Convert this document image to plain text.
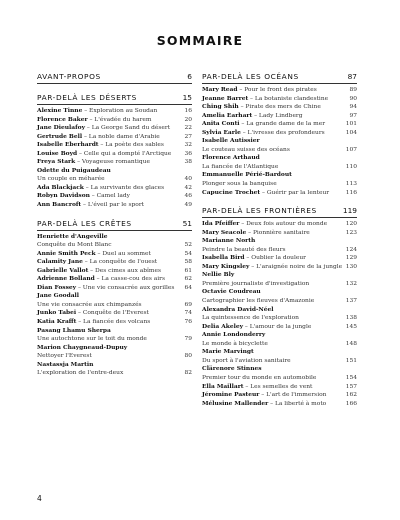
SOMMAIRE
AVANT-PROPOS	6
PAR-DELÀ LES DÉSERTS	15
Alexine Tinne – Exploration au Soudan	16
Florence Baker – L'évadée du harem	20
Jane Dieulafoy – La George Sand du désert 22
Gertrude Bell – La noble dame d'Arabie	27
Isabelle Eberhardt – La poète des sables	32
Louise Boyd – Celle qui a dompté l'Arctique 36
Freya Stark – Voyageuse romantique	38
Odette du Puigaudeau
Un couple en méharée	40
Ada Blackjack – La survivante des glaces	42
Robyn Davidson – Camel lady	46
Ann Bancroft – L'éveil par le sport	49
PAR-DELÀ LES CRÊTES	51
Henriette d'Angeville
Conquête du Mont Blanc	52
Annie Smith Peck – Duel au sommet	54
Calamity Jane – La conquête de l'ouest	58
Gabrielle Vallot – Des cimes aux abîmes	61
Adrienne Bolland – La casse-cou des airs	62
Dian Fossey – Une vie consacrée aux gorilles 64
Jane Goodall
Une vie consacrée aux chimpanzés	69
Junko Tabei – Conquête de l'Everest	74
Katia Krafft – La fiancée des volcans	76
Pasang Lhamu Sherpa
Une autochtone sur le toit du monde	79
Marion Chaygneaud-Dupuy
Nettoyer l'Everest	80
Nastassja Martin
L'exploration de l'entre-deux	82
PAR-DELÀ LES OCÉANS	87
Mary Read – Pour le front des pirates	89
Jeanne Barret – La botaniste clandestine	90
Ching Shih – Pirate des mers de Chine	94
Amelia Earhart – Lady Lindberg	97
Anita Conti – La grande dame de la mer	101
Sylvia Earle – L'ivresse des profondeurs	104
Isabelle Autissier
Le couteau suisse des océans	107
Florence Arthaud
La fiancée de l'Atlantique	110
Emmanuelle Périé-Bardout
Plonger sous la banquise	113
Capucine Trochet – Guérir par la lenteur	116
PAR-DELÀ LES FRONTIÈRES	119
Ida Pfeiffer – Deux fois autour du monde	120
Mary Seacole – Pionnière sanitaire	123
Marianne North
Peindre la beauté des fleurs	124
Isabella Bird – Oublier la douleur	129
Mary Kingsley – L'araignée noire de la jungle 130
Nellie Bly
Première journaliste d'investigation	132
Octavie Coudreau
Cartographier les fleuves d'Amazonie	137
Alexandra David-Néel
La quintessence de l'exploration	138
Delia Akeley – L'amour de la jungle	145
Annie Londonderry
Le monde à bicyclette	148
Marie Marvingt
Du sport à l'aviation sanitaire	151
Clärenore Stinnes
Premier tour du monde en automobile	154
Ella Maillart – Les semelles de vent	157
Jéromine Pasteur – L'art de l'immersion	162
Mélusine Mallender – La liberté à moto	166
4
